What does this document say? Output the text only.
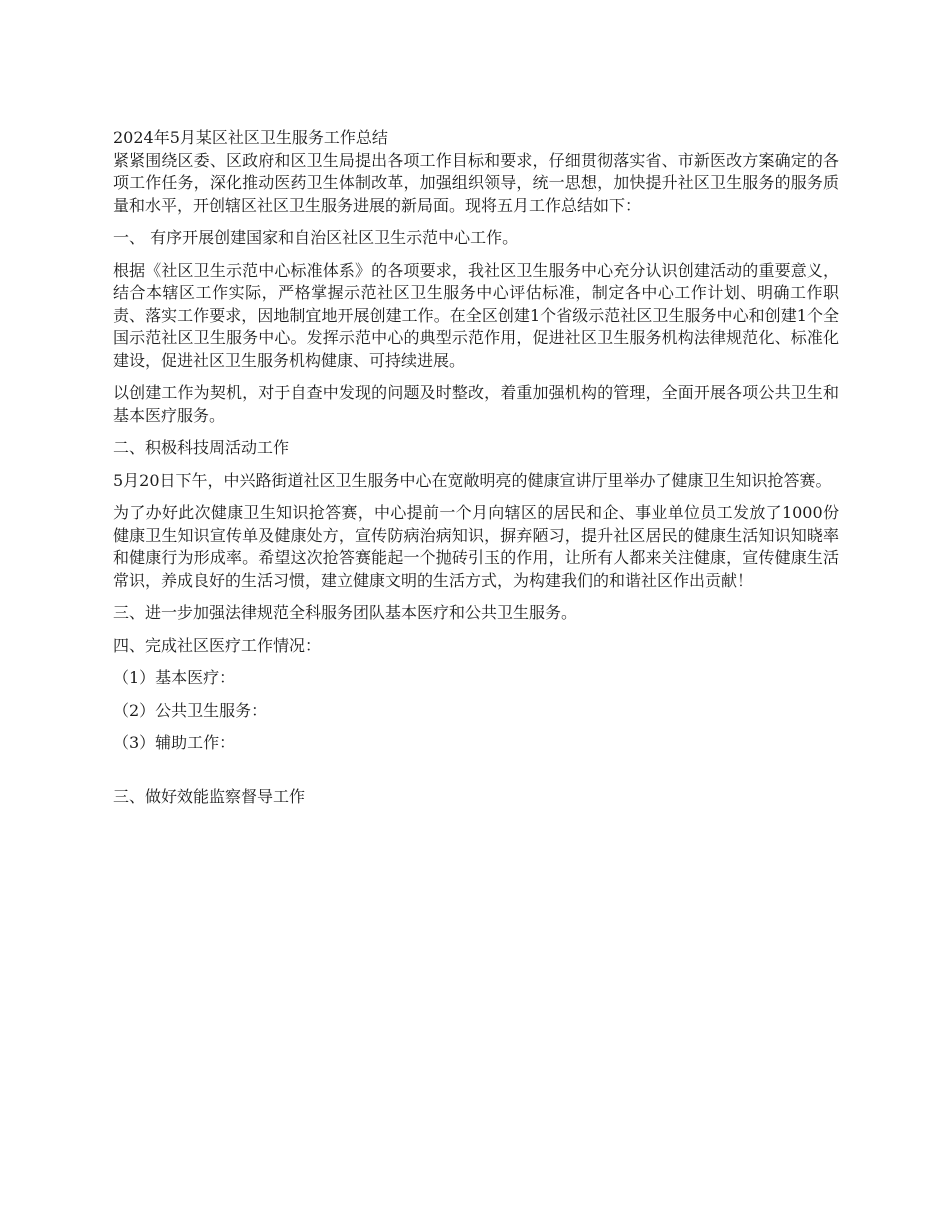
2024年5月某区社区卫生服务工作总结

紧紧围绕区委、区政府和区卫生局提出各项工作目标和要求，仔细贯彻落实省、市新医改方案确定的各项工作任务，深化推动医药卫生体制改革，加强组织领导，统一思想，加快提升社区卫生服务的服务质量和水平，开创辖区社区卫生服务进展的新局面。现将五月工作总结如下：

一、 有序开展创建国家和自治区社区卫生示范中心工作。

根据《社区卫生示范中心标准体系》的各项要求，我社区卫生服务中心充分认识创建活动的重要意义，结合本辖区工作实际，严格掌握示范社区卫生服务中心评估标准，制定各中心工作计划、明确工作职责、落实工作要求，因地制宜地开展创建工作。在全区创建1个省级示范社区卫生服务中心和创建1个全国示范社区卫生服务中心。发挥示范中心的典型示范作用，促进社区卫生服务机构法律规范化、标准化建设，促进社区卫生服务机构健康、可持续进展。

以创建工作为契机，对于自查中发现的问题及时整改，着重加强机构的管理，全面开展各项公共卫生和基本医疗服务。

二、积极科技周活动工作

5月20日下午，中兴路街道社区卫生服务中心在宽敞明亮的健康宣讲厅里举办了健康卫生知识抢答赛。

为了办好此次健康卫生知识抢答赛，中心提前一个月向辖区的居民和企、事业单位员工发放了1000份健康卫生知识宣传单及健康处方，宣传防病治病知识，摒弃陋习，提升社区居民的健康生活知识知晓率和健康行为形成率。希望这次抢答赛能起一个抛砖引玉的作用，让所有人都来关注健康，宣传健康生活常识，养成良好的生活习惯，建立健康文明的生活方式，为构建我们的和谐社区作出贡献！

三、进一步加强法律规范全科服务团队基本医疗和公共卫生服务。

四、完成社区医疗工作情况：

（1）基本医疗：

（2）公共卫生服务：

（3）辅助工作：

三、做好效能监察督导工作
